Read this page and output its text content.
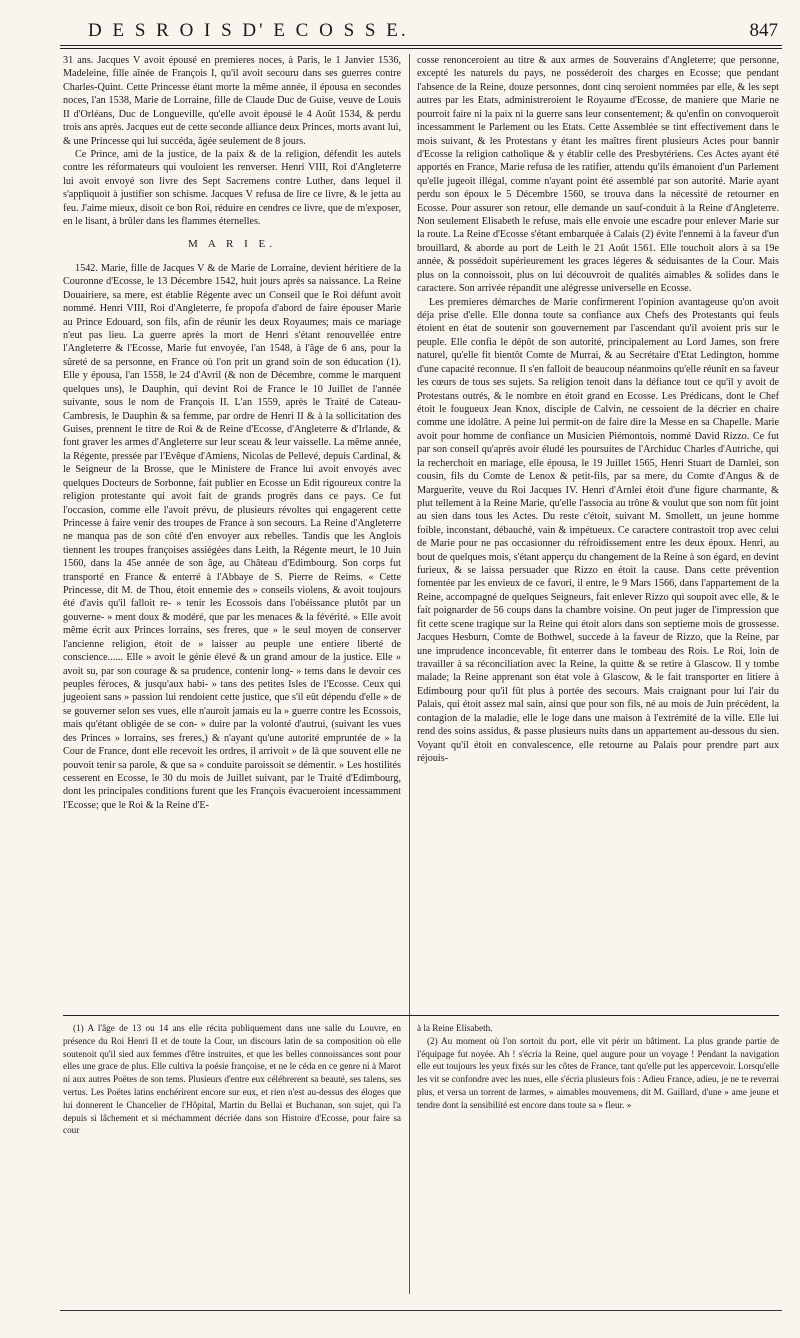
D E S R O I S D' E C O S S E.	847

31 ans. Jacques V avoit épousé en premieres noces, à Paris, le 1 Janvier 1536, Madeleine, fille aînée de François I, qu'il avoit secouru dans ses guerres contre Charles-Quint. Cette Princesse étant morte la même année, il épousa en secondes noces, l'an 1538, Marie de Lorraine, fille de Claude Duc de Guise, veuve de Louis II d'Orléans, Duc de Longueville, qu'elle avoit épousé le 4 Août 1534, & perdu trois ans après. Jacques eut de cette seconde alliance deux Princes, morts avant lui, & une Princesse qui lui succéda, âgée seulement de 8 jours.

Ce Prince, ami de la justice, de la paix & de la religion, défendit les autels contre les réformateurs qui vouloient les renverser. Henri VIII, Roi d'Angleterre lui avoit envoyé son livre des Sept Sacremens contre Luther, dans lequel il s'appliquoit à justifier son schisme. Jacques V refusa de lire ce livre, & le jetta au feu. J'aime mieux, disoit ce bon Roi, réduire en cendres ce livre, que de m'exposer, en le lisant, à brûler dans les flammes éternelles.

M A R I E.

1542. Marie, fille de Jacques V & de Marie de Lorraine, devient héritiere de la Couronne d'Ecosse, le 13 Décembre 1542, huit jours après sa naissance. La Reine Douairiere, sa mere, est établie Régente avec un Conseil que le Roi défunt avoit nommé. Henri VIII, Roi d'Angleterre, fe propofa d'abord de faire épouser Marie au Prince Edouard, son fils, afin de réunir les deux Royaumes; mais ce mariage n'eut pas lieu. La guerre après la mort de Henri s'étant renouvellée entre l'Angleterre & l'Ecosse, Marie fut envoyée, l'an 1548, à l'âge de 6 ans, pour la sûreté de sa personne, en France où l'on prit un grand soin de son éducation (1). Elle y épousa, l'an 1558, le 24 d'Avril (& non de Décembre, comme le marquent quelques uns), le Dauphin, qui devint Roi de France le 10 Juillet de l'année suivante, sous le nom de François II. L'an 1559, après le Traité de Cateau-Cambresis, le Dauphin & sa femme, par ordre de Henri II & à la sollicitation des Guises, prennent le titre de Roi & de Reine d'Ecosse, d'Angleterre & d'Irlande, & font graver les armes d'Angleterre sur leur sceau & leur vaisselle. La même année, la Régente, pressée par l'Evêque d'Amiens, Nicolas de Pellevé, depuis Cardinal, & le Seigneur de la Brosse, que le Ministere de France lui avoit envoyés avec quelques Docteurs de Sorbonne, fait publier en Ecosse un Edit rigoureux contre la religion protestante qui avoit fait de grands progrès dans ce pays. Ce fut l'occasion, comme elle l'avoit prévu, de plusieurs révoltes qui engagerent cette Princesse à faire venir des troupes de France à son secours. La Reine d'Angleterre ne manqua pas de son côté d'en envoyer aux rebelles. Tandis que les Anglois tiennent les troupes françoises assiégées dans Leith, la Régente meurt, le 10 Juin 1560, dans la 45e année de son âge, au Château d'Edimbourg. Son corps fut transporté en France & enterré à l'Abbaye de S. Pierre de Reims. « Cette Princesse, dit M. de Thou, étoit ennemie des » conseils violens, & avoit toujours été d'avis qu'il falloit re- » tenir les Ecossois dans l'obéissance plutôt par un gouverne- » ment doux & modéré, que par les menaces & la févérité. » Elle avoit même écrit aux Princes lorrains, ses freres, que » le seul moyen de conserver l'ancienne religion, étoit de » laisser au peuple une entiere liberté de conscience...... Elle » avoit le génie élevé & un grand amour de la justice. Elle » avoit su, par son courage & sa prudence, contenir long- » tems dans le devoir ces peuples féroces, & jusqu'aux habi- » tans des petites Isles de l'Ecosse. Ceux qui jugeoient sans » passion lui rendoient cette justice, que s'il eût dépendu d'elle » de se gouverner selon ses vues, elle n'auroit jamais eu la » guerre contre les Ecossois, mais qu'étant obligée de se con- » duire par la volonté d'autrui, (suivant les vues des Princes » lorrains, ses freres,) & n'ayant qu'une autorité empruntée de » la Cour de France, dont elle recevoit les ordres, il arrivoit » de là que souvent elle ne pouvoit tenir sa parole, & que sa » conduite paroissoit se démentir. » Les hostilités cesserent en Ecosse, le 30 du mois de Juillet suivant, par le Traité d'Edimbourg, dont les principales conditions furent que les François évacueroient incessamment l'Ecosse; que le Roi & la Reine d'E-

cosse renonceroient au titre & aux armes de Souverains d'Angleterre; que personne, excepté les naturels du pays, ne posséderoit des charges en Ecosse; que pendant l'absence de la Reine, douze personnes, dont cinq seroient nommées par elle, & les sept autres par les Etats, administreroient le Royaume d'Ecosse, de maniere que Marie ne pourroit faire ni la paix ni la guerre sans leur consentement; & qu'enfin on convoqueroit incessamment le Parlement ou les Etats. Cette Assemblée se tint effectivement dans le mois suivant, & les Protestans y étant les maîtres firent plusieurs Actes pour bannir d'Ecosse la religion catholique & y établir celle des Presbytériens. Ces Actes ayant été apportés en France, Marie refusa de les ratifier, attendu qu'ils émanoient d'un Parlement qu'elle jugeoit illégal, comme n'ayant point été assemblé par son autorité. Marie ayant perdu son époux le 5 Décembre 1560, se trouva dans la nécessité de retourner en Ecosse. Pour assurer son retour, elle demande un sauf-conduit à la Reine d'Angleterre. Non seulement Elisabeth le refuse, mais elle envoie une escadre pour enlever Marie sur la route. La Reine d'Ecosse s'étant embarquée à Calais (2) évite l'ennemi à la faveur d'un brouillard, & aborde au port de Leith le 21 Août 1561. Elle touchoit alors à sa 19e année, & possédoit supérieurement les graces légeres & séduisantes de la Cour. Mais plus on la connoissoit, plus on lui découvroit de qualités aimables & solides dans le caractere. Son arrivée répandit une alégresse universelle en Ecosse.

Les premieres démarches de Marie confirmerent l'opinion avantageuse qu'on avoit déja prise d'elle. Elle donna toute sa confiance aux Chefs des Protestants qui feuls étoient en état de soutenir son gouvernement par l'ascendant qu'il avoient pris sur le peuple. Elle confia le dépôt de son autorité, principalement au Lord James, son frere naturel, qu'elle fit bientôt Comte de Murrai, & au Secrétaire d'Etat Ledington, homme d'une capacité reconnue. Il s'en falloit de beaucoup néanmoins qu'elle réunît en sa faveur les cœurs de tous ses sujets. Sa religion tenoit dans la défiance tout ce qu'il y avoit de Protestans outrés, & le nombre en étoit grand en Ecosse. Les Prédicans, dont le Chef étoit le fougueux Jean Knox, disciple de Calvin, ne cessoient de la décrier en chaire comme une idolâtre. A peine lui permit-on de faire dire la Messe en sa Chapelle. Marie avoit pour homme de confiance un Musicien Piémontois, nommé David Rizzo. Ce fut par son conseil qu'après avoir éludé les poursuites de l'Archiduc Charles d'Autriche, qui la recherchoit en mariage, elle épousa, le 19 Juillet 1565, Henri Stuart de Darnlei, son cousin, fils du Comte de Lenox & petit-fils, par sa mere, du Comte d'Angus & de Marguerite, veuve du Roi Jacques IV. Henri d'Arnlei étoit d'une figure charmante, & plut tellement à la Reine Marie, qu'elle l'associa au trône & voulut que son nom fût joint au sien dans tous les Actes. Du reste c'étoit, suivant M. Smollett, un jeune homme foible, inconstant, débauché, vain & impétueux. Ce caractere contrastoit trop avec celui de Marie pour ne pas occasionner du réfroidissement entre les deux époux. Henri, au bout de quelques mois, s'étant apperçu du changement de la Reine à son égard, en devint furieux, & se laissa persuader que Rizzo en étoit la cause. Dans cette prévention fomentée par les envieux de ce favori, il entre, le 9 Mars 1566, dans l'appartement de la Reine, accompagné de quelques Seigneurs, fait enlever Rizzo qui soupoit avec elle, & le fait poignarder de 56 coups dans la chambre voisine. On peut juger de l'impression que fit cette scene tragique sur la Reine qui étoit alors dans son septieme mois de grossesse. Jacques Hesburn, Comte de Bothwel, succede à la faveur de Rizzo, que la Reine, par une imprudence inconcevable, fit enterrer dans le tombeau des Rois. Le Roi, loin de travailler à sa réconciliation avec la Reine, la quitte & se retire à Glascow. Il y tombe malade; la Reine apprenant son état vole à Glascow, & le fait transporter en litiere à Edimbourg pour qu'il fût plus à portée des secours. Mais craignant pour lui l'air du Palais, qui étoit assez mal sain, ainsi que pour son fils, né au mois de Juin précédent, la contagion de la maladie, elle le loge dans une maison à l'extrémité de la ville. Elle lui rend des soins assidus, & passe plusieurs nuits dans un appartement au-dessous du sien. Voyant qu'il étoit en convalescence, elle retourne au Palais pour prendre part aux réjouis-

(1) A l'âge de 13 ou 14 ans elle récita publiquement dans une salle du Louvre, en présence du Roi Henri II et de toute la Cour, un discours latin de sa composition où elle soutenoit qu'il sied aux femmes d'être instruites, et que les belles connoissances sont pour elles une grace de plus. Elle cultiva la poésie françoise, et ne le céda en ce genre ni à Marot ni aux autres Poëtes de son tems. Plusieurs d'entre eux célébrerent sa beauté, ses talens, ses vertus. Les Poëtes latins enchérirent encore sur eux, et rien n'est au-dessus des éloges que lui donnerent le Chancelier de l'Hôpital, Martin du Bellai et Buchanan, son sujet, qui l'a depuis si lâchement et si méchamment décriée dans son Histoire d'Ecosse, pour faire sa cour

à la Reine Elisabeth.

(2) Au moment où l'on sortoit du port, elle vit périr un bâtiment. La plus grande partie de l'équipage fut noyée. Ah ! s'écria la Reine, quel augure pour un voyage ! Pendant la navigation elle eut toujours les yeux fixés sur les côtes de France, tant qu'elle put les appercevoir. Lorsqu'elle les vit se confondre avec les nues, elle s'écria plusieurs fois : Adieu France, adieu, je ne te reverrai plus, et versa un torrent de larmes, » aimables mouvemens, dit M. Gaillard, d'une » ame jeune et tendre dont la sensibilité est encore dans toute sa » fleur. »
